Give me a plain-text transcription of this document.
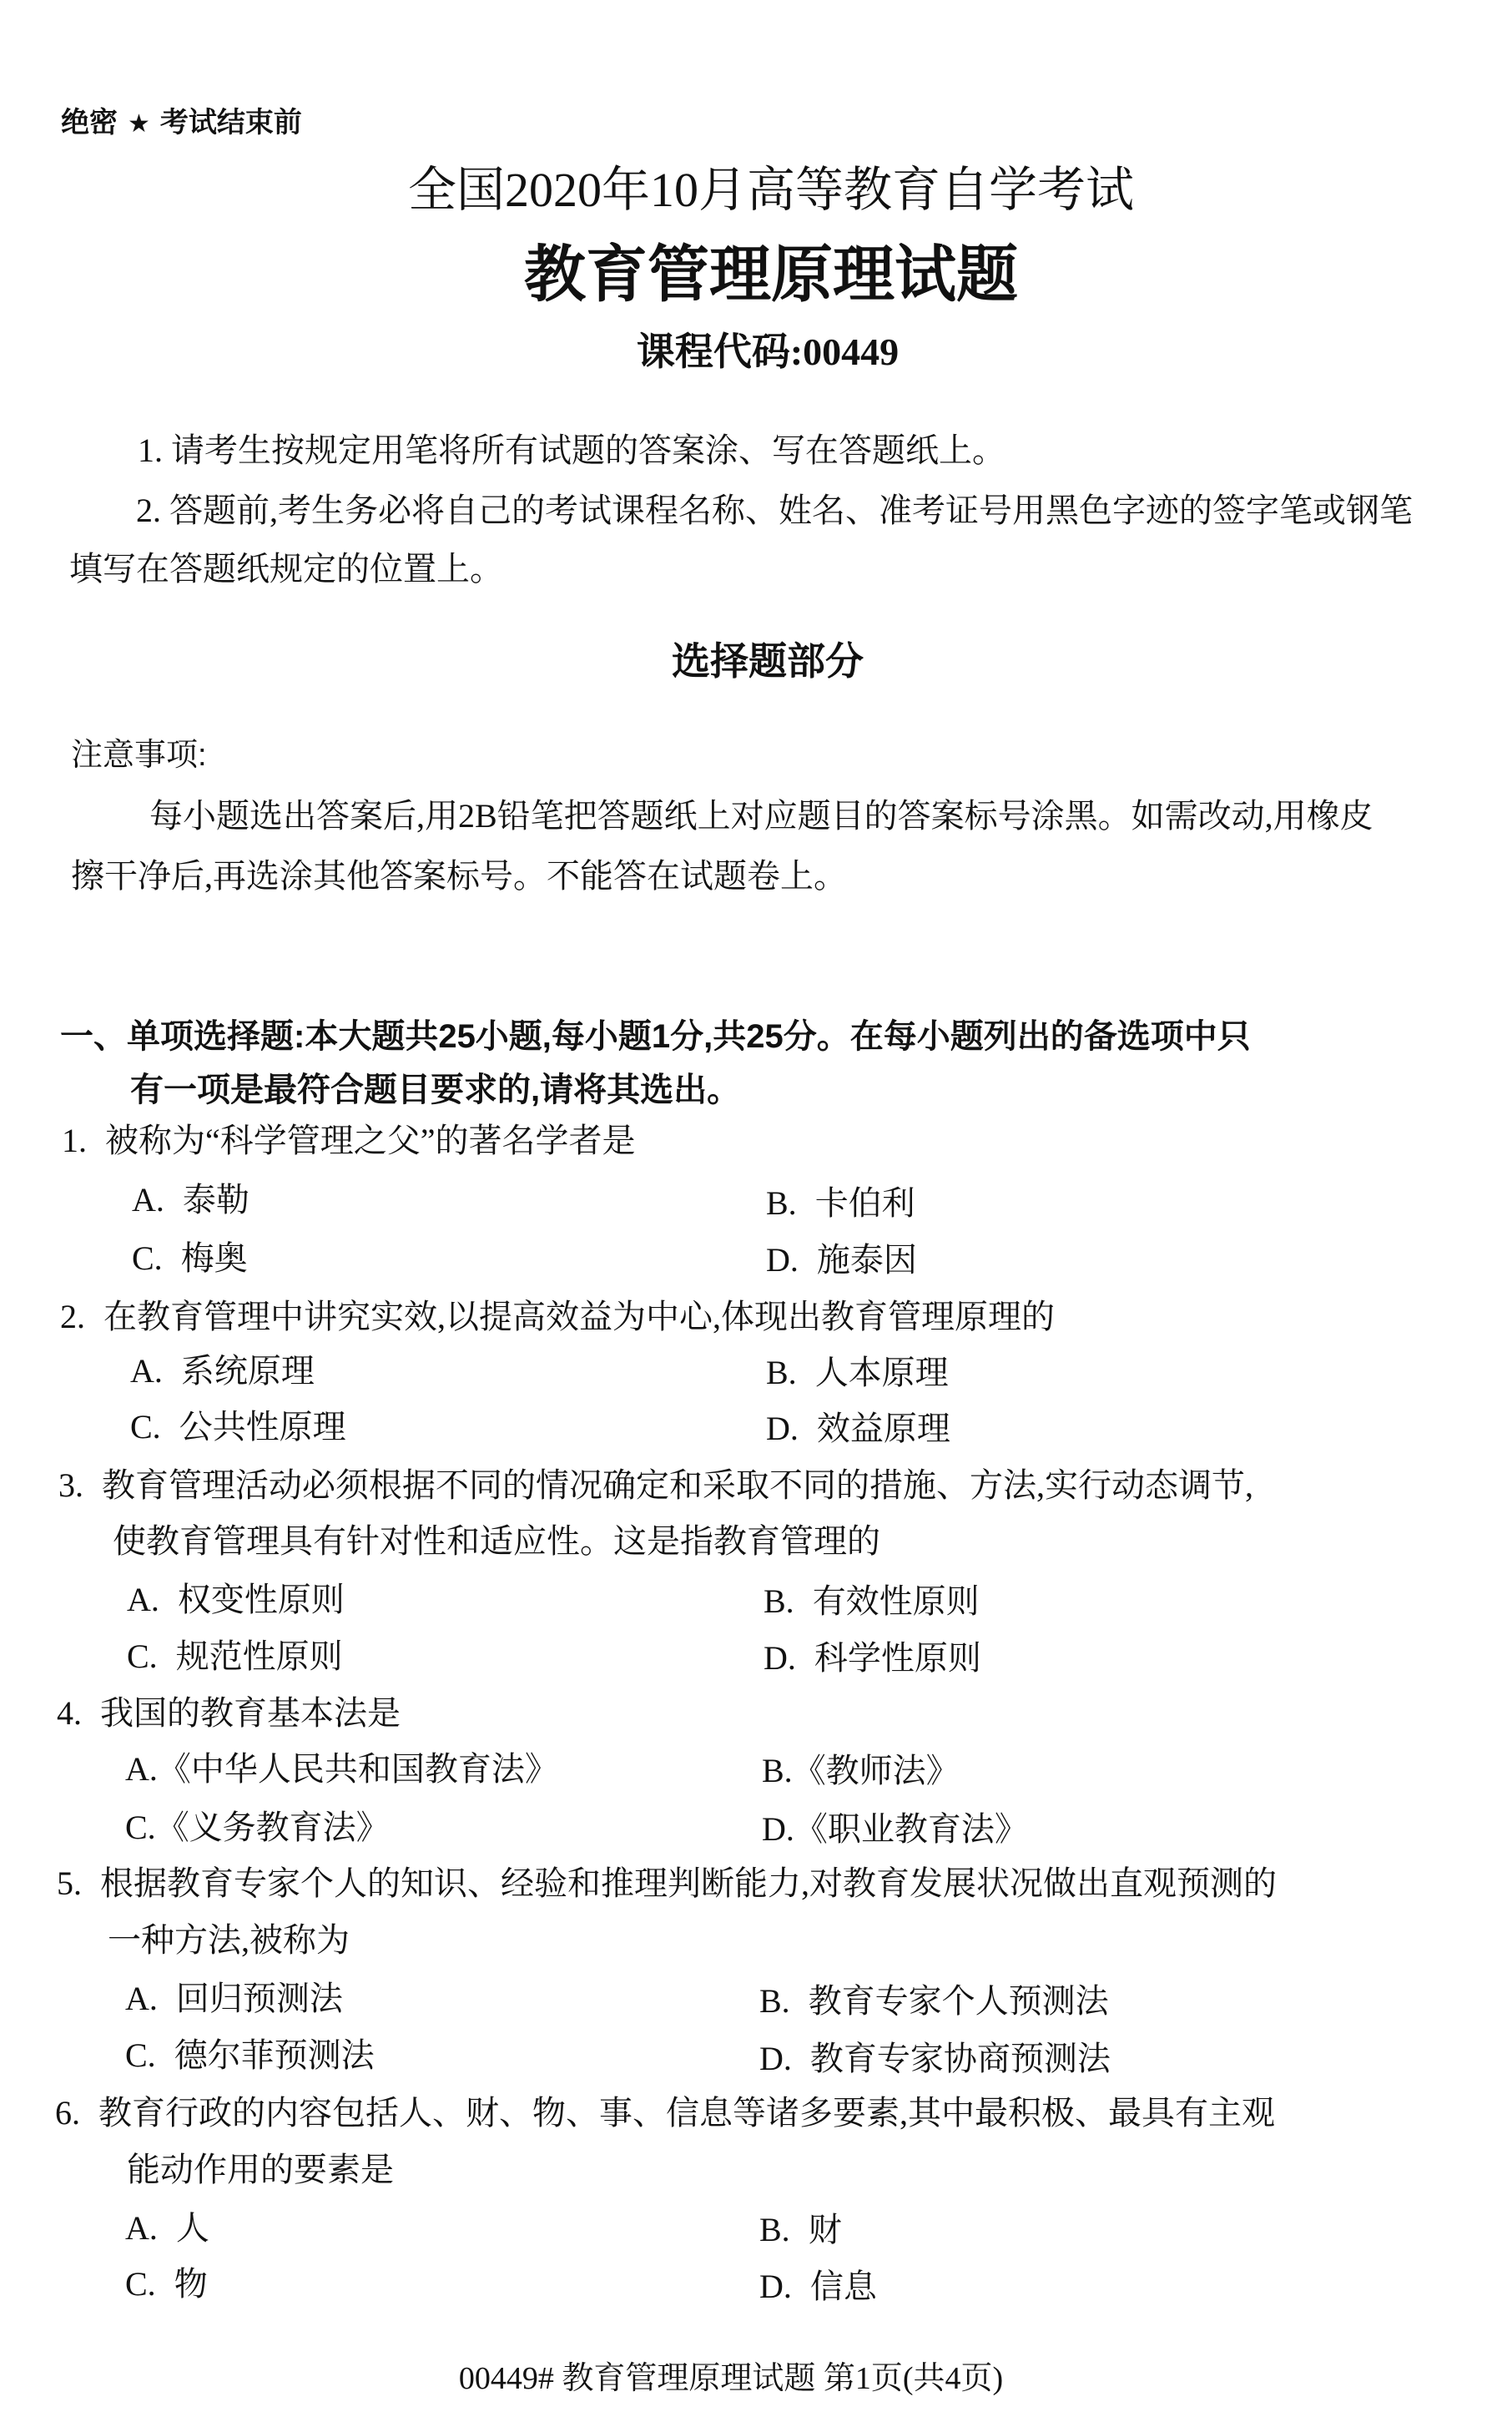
绝密 ★ 考试结束前
全国2020年10月高等教育自学考试
教育管理原理试题
课程代码:00449
1. 请考生按规定用笔将所有试题的答案涂、写在答题纸上。
2. 答题前,考生务必将自己的考试课程名称、姓名、准考证号用黑色字迹的签字笔或钢笔
填写在答题纸规定的位置上。
选择题部分
注意事项:
每小题选出答案后,用2B铅笔把答题纸上对应题目的答案标号涂黑。如需改动,用橡皮
擦干净后,再选涂其他答案标号。不能答在试题卷上。
一、单项选择题:本大题共25小题,每小题1分,共25分。在每小题列出的备选项中只
有一项是最符合题目要求的,请将其选出。
1. 被称为“科学管理之父”的著名学者是
A. 泰勒	B. 卡伯利
C. 梅奥	D. 施泰因
2. 在教育管理中讲究实效,以提高效益为中心,体现出教育管理原理的
A. 系统原理	B. 人本原理
C. 公共性原理	D. 效益原理
3. 教育管理活动必须根据不同的情况确定和采取不同的措施、方法,实行动态调节,
使教育管理具有针对性和适应性。这是指教育管理的
A. 权变性原则	B. 有效性原则
C. 规范性原则	D. 科学性原则
4. 我国的教育基本法是
A.《中华人民共和国教育法》	B.《教师法》
C.《义务教育法》	D.《职业教育法》
5. 根据教育专家个人的知识、经验和推理判断能力,对教育发展状况做出直观预测的
一种方法,被称为
A. 回归预测法	B. 教育专家个人预测法
C. 德尔菲预测法	D. 教育专家协商预测法
6. 教育行政的内容包括人、财、物、事、信息等诸多要素,其中最积极、最具有主观
能动作用的要素是
A. 人	B. 财
C. 物	D. 信息
00449# 教育管理原理试题 第1页(共4页)
